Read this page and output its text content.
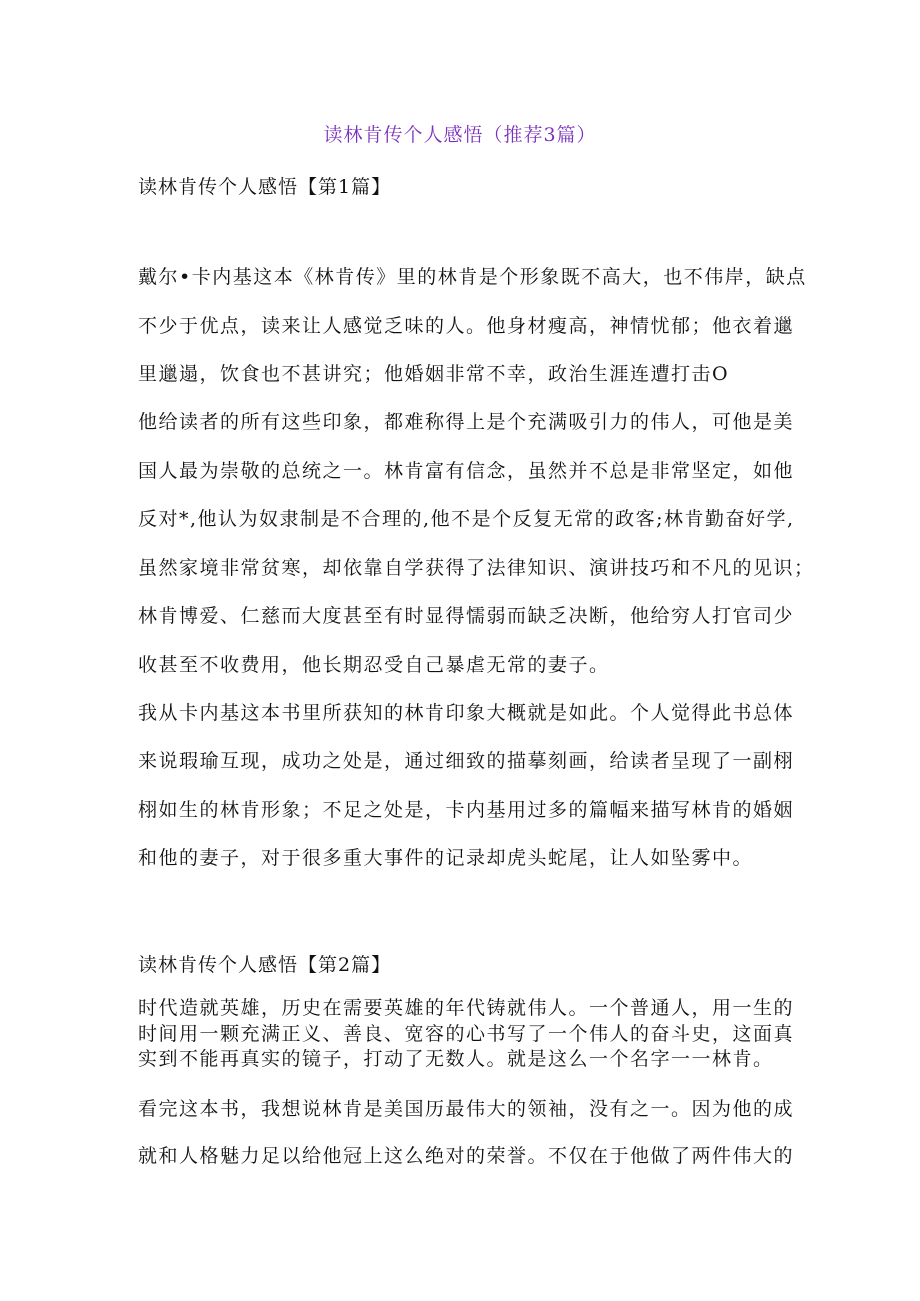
读林肯传个人感悟（推荐3篇）
读林肯传个人感悟【第1篇】
戴尔•卡内基这本《林肯传》里的林肯是个形象既不高大，也不伟岸，缺点
不少于优点，读来让人感觉乏味的人。他身材瘦高，神情忧郁；他衣着邋
里邋遢，饮食也不甚讲究；他婚姻非常不幸，政治生涯连遭打击O
他给读者的所有这些印象，都难称得上是个充满吸引力的伟人，可他是美
国人最为崇敬的总统之一。林肯富有信念，虽然并不总是非常坚定，如他
反对*,他认为奴隶制是不合理的,他不是个反复无常的政客;林肯勤奋好学,
虽然家境非常贫寒，却依靠自学获得了法律知识、演讲技巧和不凡的见识；
林肯博爱、仁慈而大度甚至有时显得懦弱而缺乏决断，他给穷人打官司少
收甚至不收费用，他长期忍受自己暴虐无常的妻子。
我从卡内基这本书里所获知的林肯印象大概就是如此。个人觉得此书总体
来说瑕瑜互现，成功之处是，通过细致的描摹刻画，给读者呈现了一副栩
栩如生的林肯形象；不足之处是，卡内基用过多的篇幅来描写林肯的婚姻
和他的妻子，对于很多重大事件的记录却虎头蛇尾，让人如坠雾中。
读林肯传个人感悟【第2篇】
时代造就英雄，历史在需要英雄的年代铸就伟人。一个普通人，用一生的
时间用一颗充满正义、善良、宽容的心书写了一个伟人的奋斗史，这面真
实到不能再真实的镜子，打动了无数人。就是这么一个名字一一林肯。
看完这本书，我想说林肯是美国历最伟大的领袖，没有之一。因为他的成
就和人格魅力足以给他冠上这么绝对的荣誉。不仅在于他做了两件伟大的
